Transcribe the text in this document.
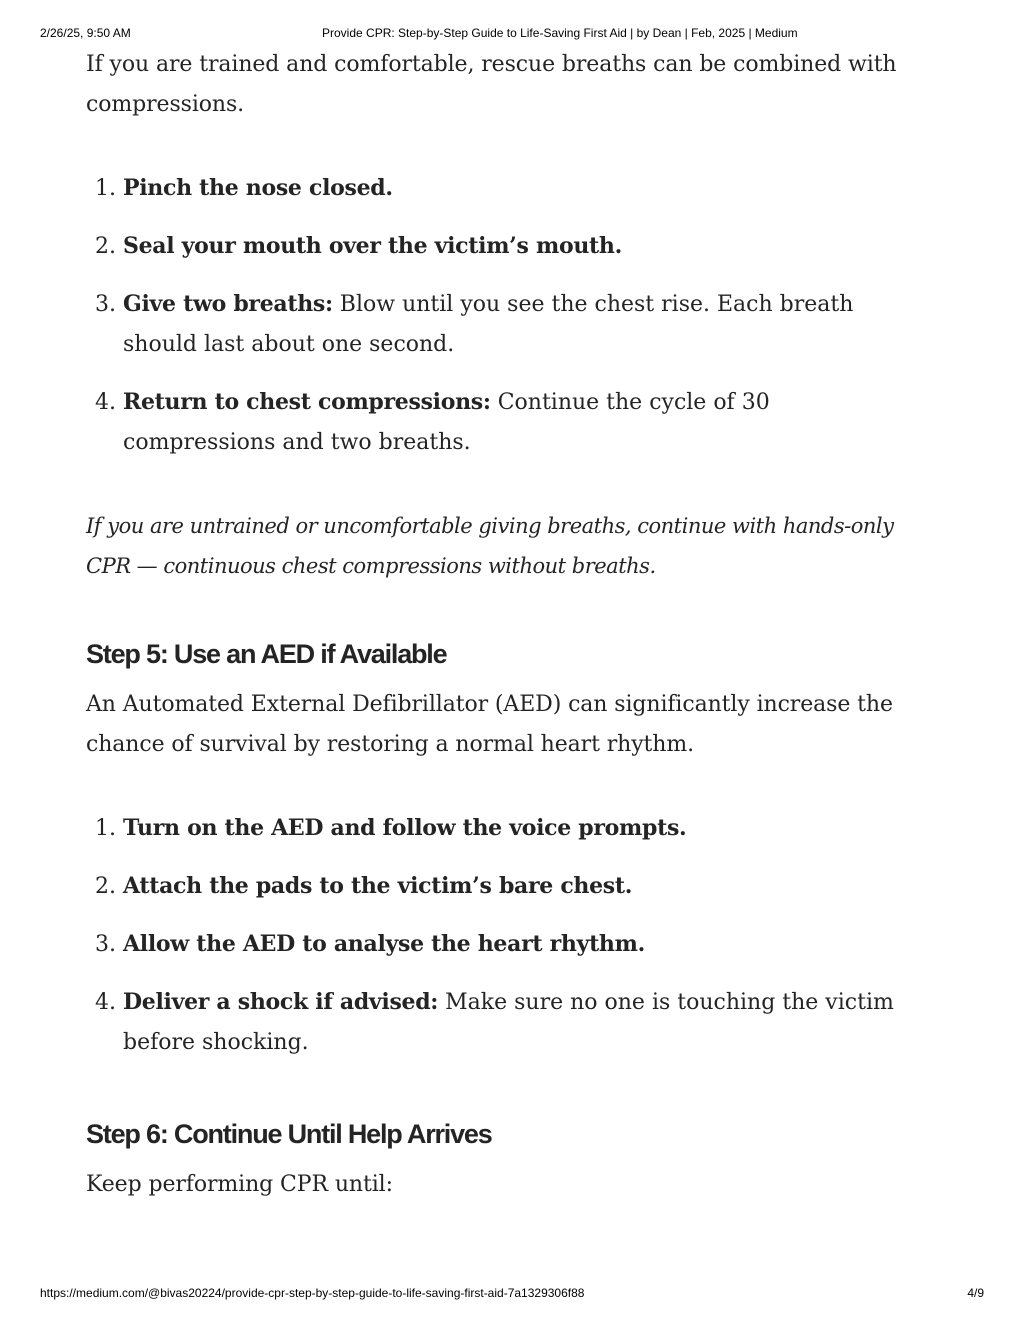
2/26/25, 9:50 AM	Provide CPR: Step-by-Step Guide to Life-Saving First Aid | by Dean | Feb, 2025 | Medium

If you are trained and comfortable, rescue breaths can be combined with compressions.

1. Pinch the nose closed.
2. Seal your mouth over the victim’s mouth.
3. Give two breaths: Blow until you see the chest rise. Each breath should last about one second.
4. Return to chest compressions: Continue the cycle of 30 compressions and two breaths.

If you are untrained or uncomfortable giving breaths, continue with hands-only CPR — continuous chest compressions without breaths.

Step 5: Use an AED if Available

An Automated External Defibrillator (AED) can significantly increase the chance of survival by restoring a normal heart rhythm.

1. Turn on the AED and follow the voice prompts.
2. Attach the pads to the victim’s bare chest.
3. Allow the AED to analyse the heart rhythm.
4. Deliver a shock if advised: Make sure no one is touching the victim before shocking.
Step 6: Continue Until Help Arrives

Keep performing CPR until:

https://medium.com/@bivas20224/provide-cpr-step-by-step-guide-to-life-saving-first-aid-7a1329306f88	4/9
